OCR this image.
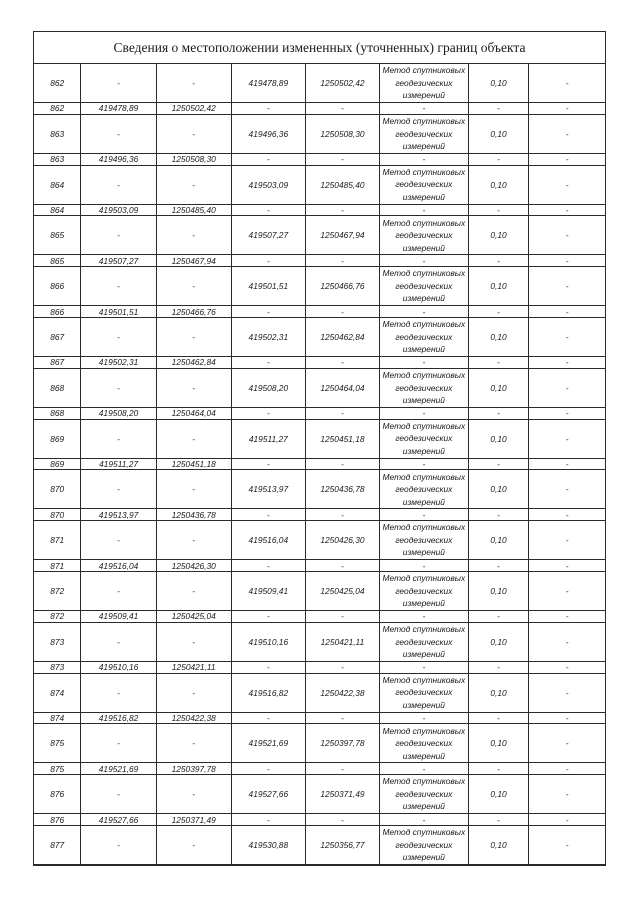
Сведения о местоположении измененных (уточненных) границ объекта
862	-	-	419478,89	1250502,42	Метод спутниковых геодезических измерений	0,10	-
862	419478,89	1250502,42	-	-	-	-	-
863	-	-	419496,36	1250508,30	Метод спутниковых геодезических измерений	0,10	-
863	419496,36	1250508,30	-	-	-	-	-
864	-	-	419503,09	1250485,40	Метод спутниковых геодезических измерений	0,10	-
864	419503,09	1250485,40	-	-	-	-	-
865	-	-	419507,27	1250467,94	Метод спутниковых геодезических измерений	0,10	-
865	419507,27	1250467,94	-	-	-	-	-
866	-	-	419501,51	1250466,76	Метод спутниковых геодезических измерений	0,10	-
866	419501,51	1250466,76	-	-	-	-	-
867	-	-	419502,31	1250462,84	Метод спутниковых геодезических измерений	0,10	-
867	419502,31	1250462,84	-	-	-	-	-
868	-	-	419508,20	1250464,04	Метод спутниковых геодезических измерений	0,10	-
868	419508,20	1250464,04	-	-	-	-	-
869	-	-	419511,27	1250451,18	Метод спутниковых геодезических измерений	0,10	-
869	419511,27	1250451,18	-	-	-	-	-
870	-	-	419513,97	1250436,78	Метод спутниковых геодезических измерений	0,10	-
870	419513,97	1250436,78	-	-	-	-	-
871	-	-	419516,04	1250426,30	Метод спутниковых геодезических измерений	0,10	-
871	419516,04	1250426,30	-	-	-	-	-
872	-	-	419509,41	1250425,04	Метод спутниковых геодезических измерений	0,10	-
872	419509,41	1250425,04	-	-	-	-	-
873	-	-	419510,16	1250421,11	Метод спутниковых геодезических измерений	0,10	-
873	419510,16	1250421,11	-	-	-	-	-
874	-	-	419516,82	1250422,38	Метод спутниковых геодезических измерений	0,10	-
874	419516,82	1250422,38	-	-	-	-	-
875	-	-	419521,69	1250397,78	Метод спутниковых геодезических измерений	0,10	-
875	419521,69	1250397,78	-	-	-	-	-
876	-	-	419527,66	1250371,49	Метод спутниковых геодезических измерений	0,10	-
876	419527,66	1250371,49	-	-	-	-	-
877	-	-	419530,88	1250356,77	Метод спутниковых геодезических измерений	0,10	-
